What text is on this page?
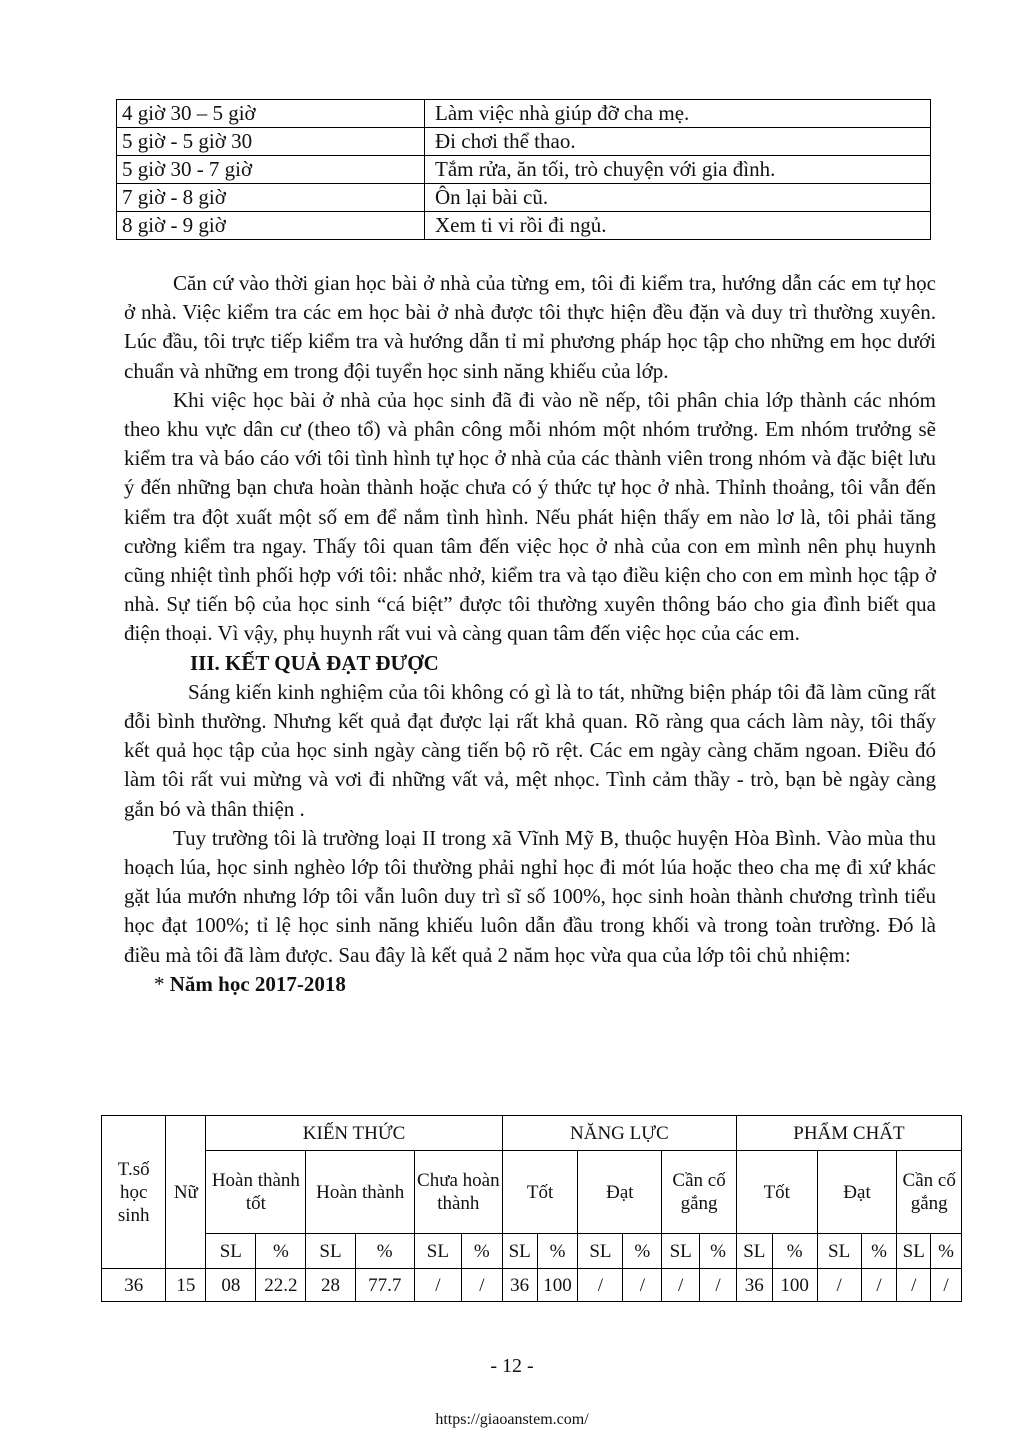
4 giờ 30 – 5 giờ	Làm việc nhà giúp đỡ cha mẹ.
5 giờ - 5 giờ 30	Đi chơi thể thao.
5 giờ 30 - 7 giờ	Tắm rửa, ăn tối, trò chuyện với gia đình.
7 giờ - 8 giờ	Ôn lại bài cũ.
8 giờ - 9 giờ	Xem ti vi rồi đi ngủ.

Căn cứ vào thời gian học bài ở nhà của từng em, tôi đi kiểm tra, hướng dẫn các em tự học ở nhà. Việc kiểm tra các em học bài ở nhà được tôi thực hiện đều đặn và duy trì thường xuyên. Lúc đầu, tôi trực tiếp kiểm tra và hướng dẫn tỉ mỉ phương pháp học tập cho những em học dưới chuẩn và những em trong đội tuyển học sinh năng khiếu của lớp.

Khi việc học bài ở nhà của học sinh đã đi vào nề nếp, tôi phân chia lớp thành các nhóm theo khu vực dân cư (theo tổ) và phân công mỗi nhóm một nhóm trưởng. Em nhóm trưởng sẽ kiểm tra và báo cáo với tôi tình hình tự học ở nhà của các thành viên trong nhóm và đặc biệt lưu ý đến những bạn chưa hoàn thành hoặc chưa có ý thức tự học ở nhà. Thỉnh thoảng, tôi vẫn đến kiểm tra đột xuất một số em để nắm tình hình. Nếu phát hiện thấy em nào lơ là, tôi phải tăng cường kiểm tra ngay. Thấy tôi quan tâm đến việc học ở nhà của con em mình nên phụ huynh cũng nhiệt tình phối hợp với tôi: nhắc nhở, kiểm tra và tạo điều kiện cho con em mình học tập ở nhà. Sự tiến bộ của học sinh “cá biệt” được tôi thường xuyên thông báo cho gia đình biết qua điện thoại. Vì vậy, phụ huynh rất vui và càng quan tâm đến việc học của các em.

III. KẾT QUẢ ĐẠT ĐƯỢC

Sáng kiến kinh nghiệm của tôi không có gì là to tát, những biện pháp tôi đã làm cũng rất đỗi bình thường. Nhưng kết quả đạt được lại rất khả quan. Rõ ràng qua cách làm này, tôi thấy kết quả học tập của học sinh ngày càng tiến bộ rõ rệt. Các em ngày càng chăm ngoan. Điều đó làm tôi rất vui mừng và vơi đi những vất vả, mệt nhọc. Tình cảm thầy - trò, bạn bè ngày càng gắn bó và thân thiện .

Tuy trường tôi là trường loại II trong xã Vĩnh Mỹ B, thuộc huyện Hòa Bình. Vào mùa thu hoạch lúa, học sinh nghèo lớp tôi thường phải nghỉ học đi mót lúa hoặc theo cha mẹ đi xứ khác gặt lúa mướn nhưng lớp tôi vẫn luôn duy trì sĩ số 100%, học sinh hoàn thành chương trình tiểu học đạt 100%; tỉ lệ học sinh năng khiếu luôn dẫn đầu trong khối và trong toàn trường. Đó là điều mà tôi đã làm được. Sau đây là kết quả 2 năm học vừa qua của lớp tôi chủ nhiệm:

* Năm học 2017-2018

T.số học sinh	Nữ	KIẾN THỨC						NĂNG LỰC						PHẨM CHẤT					
		Hoàn thành tốt		Hoàn thành		Chưa hoàn thành		Tốt		Đạt		Cần cố gắng		Tốt		Đạt		Cần cố gắng	
		SL	%	SL	%	SL	%	SL	%	SL	%	SL	%	SL	%	SL	%	SL	%
36	15	08	22.2	28	77.7	/	/	36	100	/	/	/	/	36	100	/	/	/	/
- 12 -
https://giaoanstem.com/
